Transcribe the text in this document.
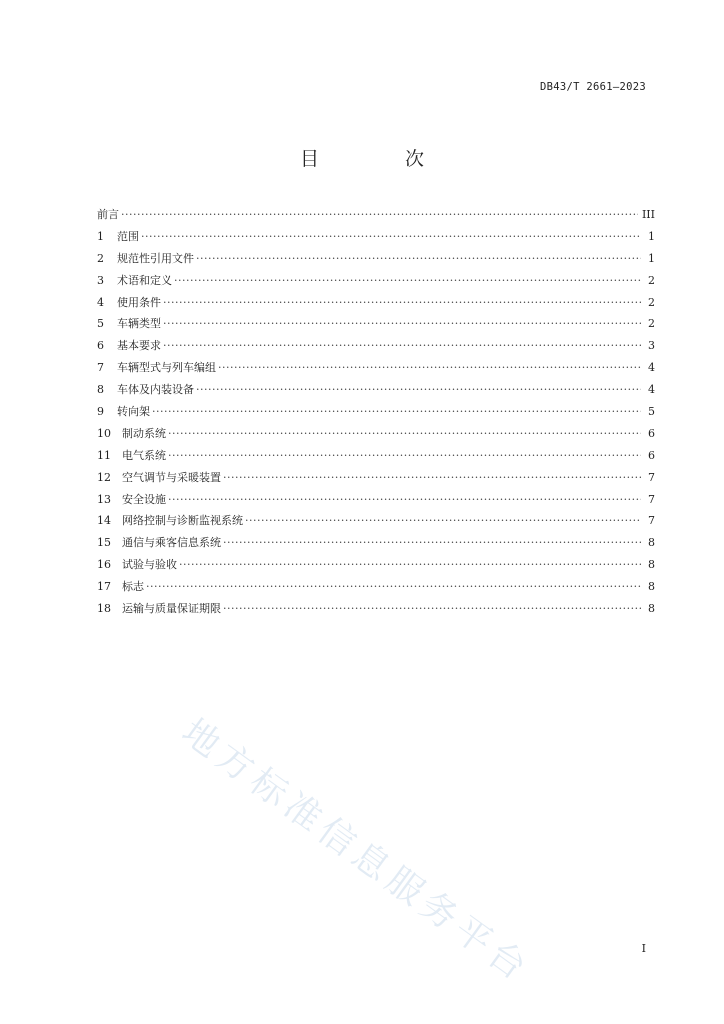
DB43/T 2661—2023
目 次
前言 ·····	III
1	范围 ·····	1
2	规范性引用文件 ·····	1
3	术语和定义 ·····	2
4	使用条件 ·····	2
5	车辆类型 ·····	2
6	基本要求 ·····	3
7	车辆型式与列车编组 ·····	4
8	车体及内装设备 ·····	4
9	转向架 ·····	5
10	制动系统 ·····	6
11	电气系统 ·····	6
12	空气调节与采暖装置 ·····	7
13	安全设施 ·····	7
14	网络控制与诊断监视系统 ·····	7
15	通信与乘客信息系统 ·····	8
16	试验与验收 ·····	8
17	标志 ·····	8
18	运输与质量保证期限 ·····	8
地方标准信息服务平台	I
